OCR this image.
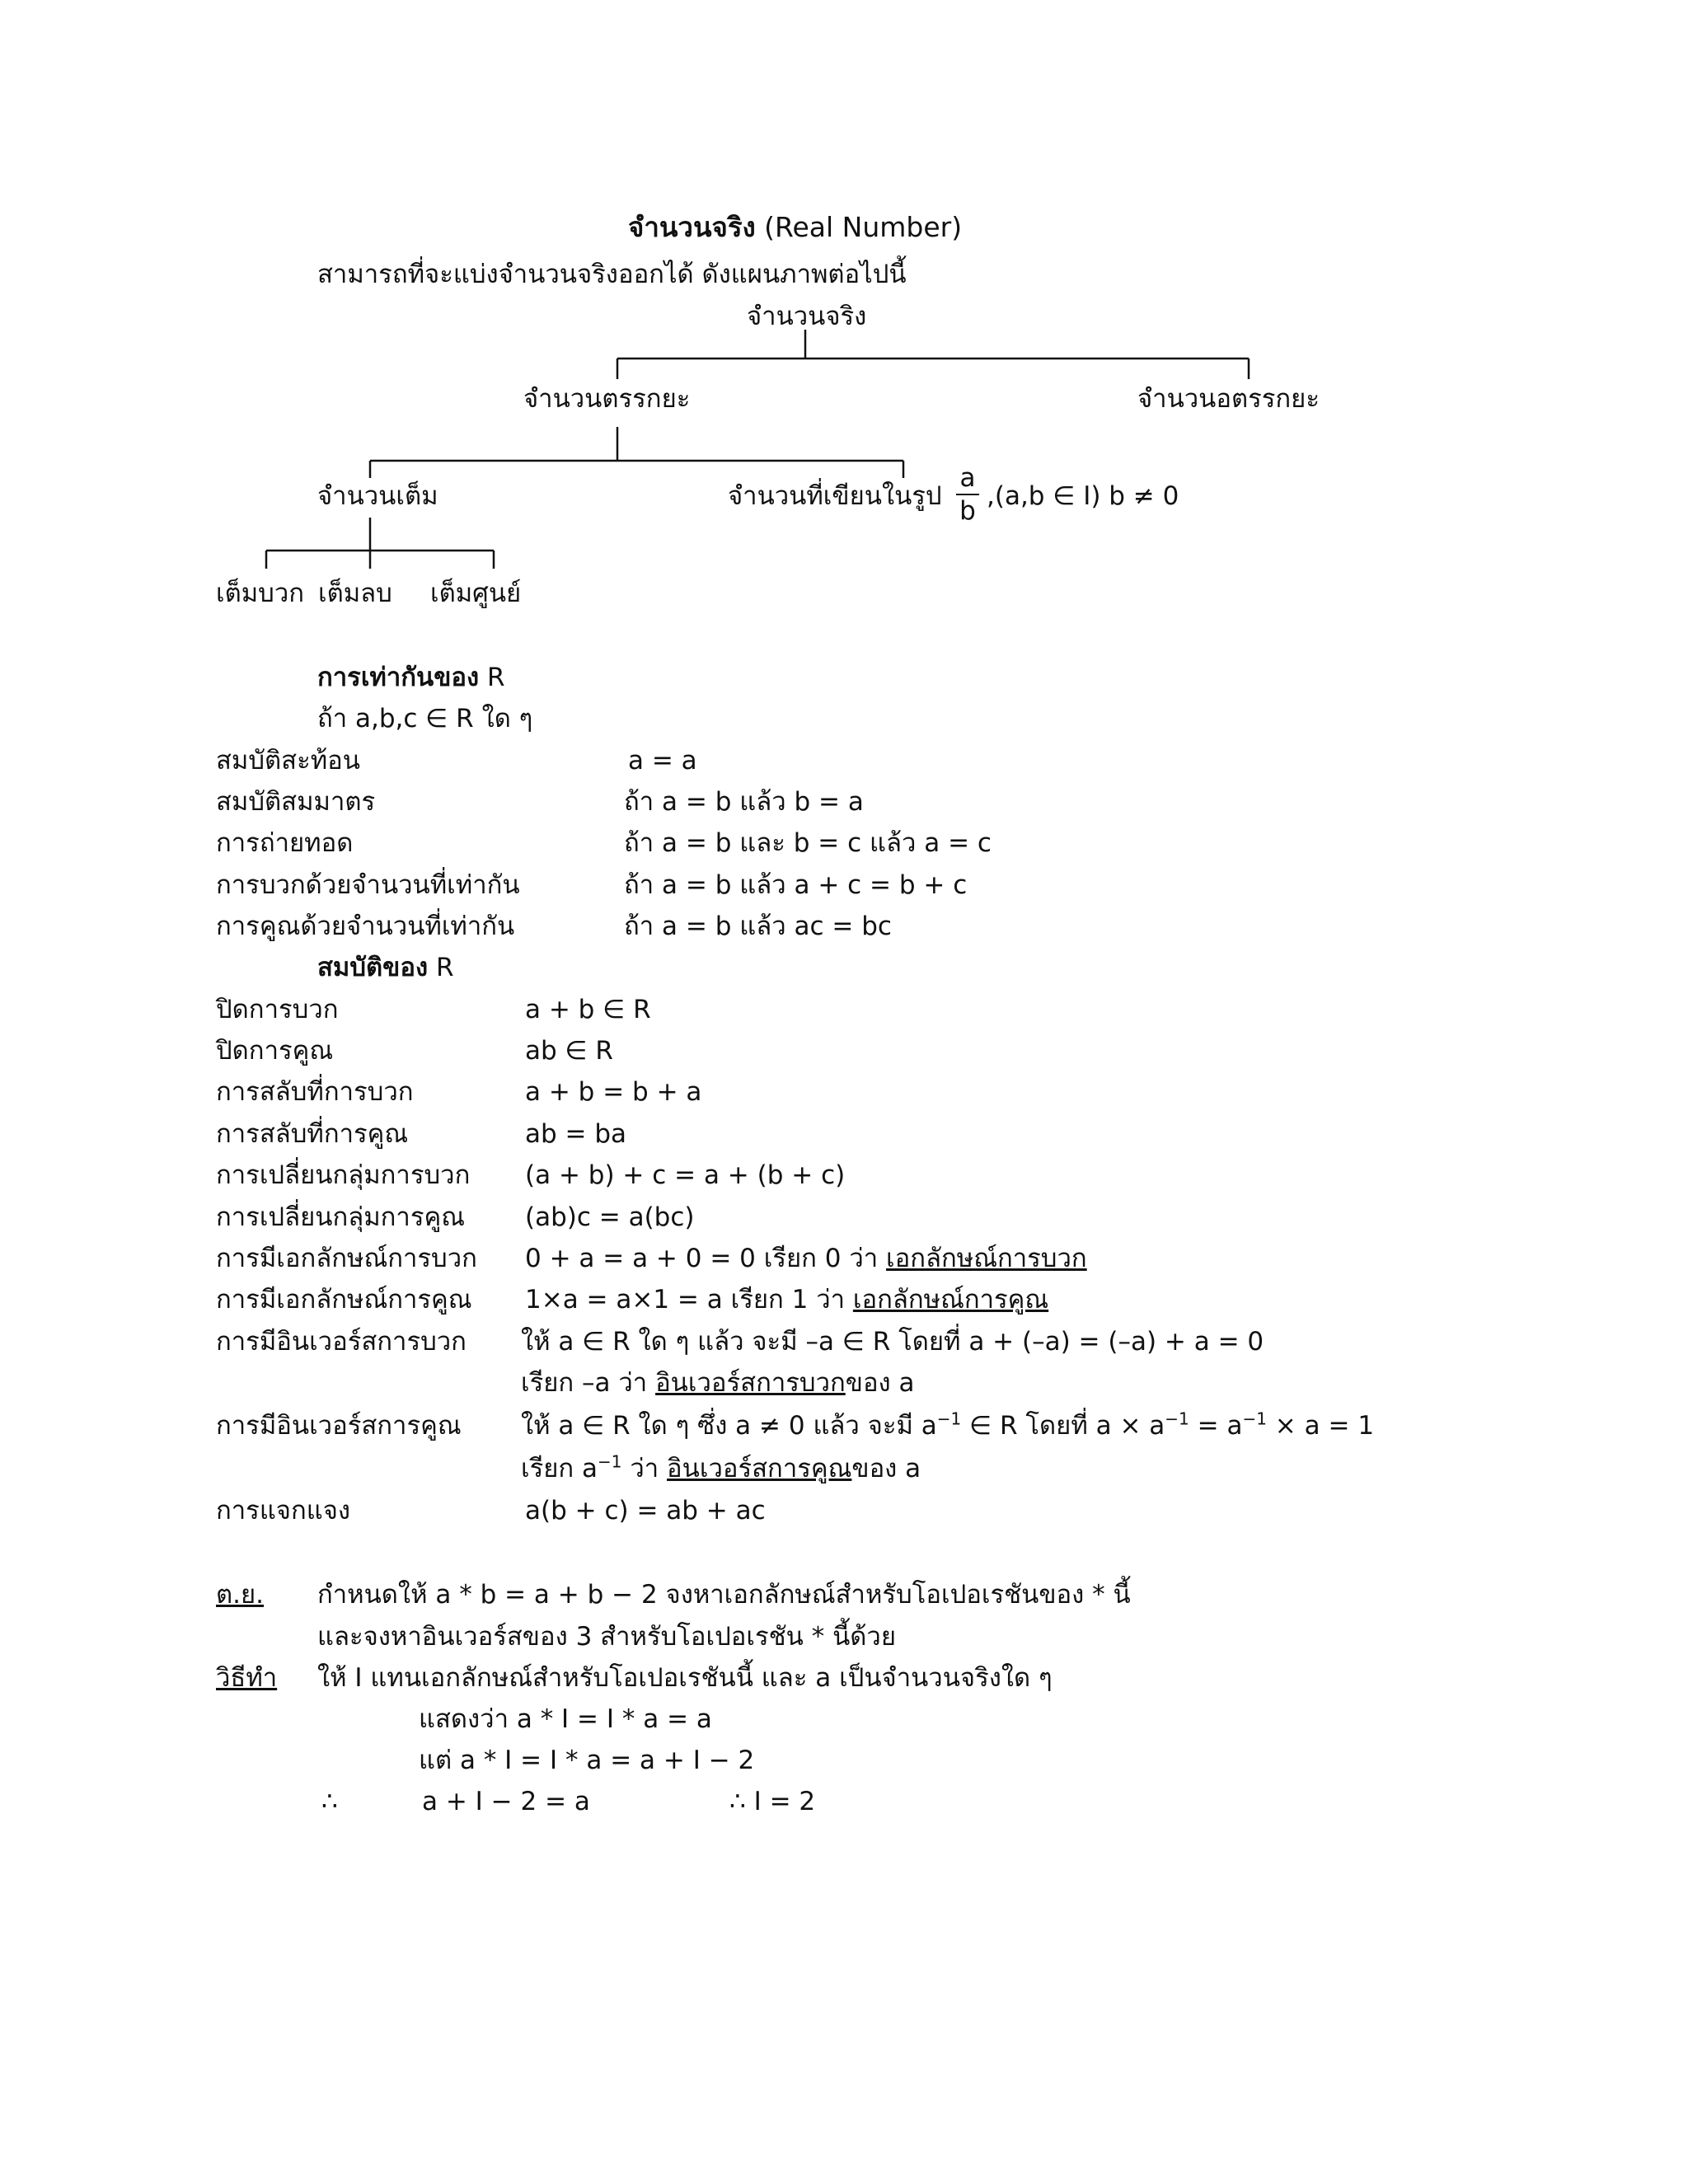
จำนวนจริง (Real Number)
สามารถที่จะแบ่งจำนวนจริงออกได้ ดังแผนภาพต่อไปนี้
จำนวนจริง
จำนวนตรรกยะ	จำนวนอตรรกยะ
จำนวนเต็ม	จำนวนที่เขียนในรูป
a
b ,(a,b ∈ I) b ≠ 0
เต็มบวก เต็มลบ เต็มศูนย์
การเท่ากันของ R
ถ้า a,b,c ∈ R ใด ๆ
สมบัติสะท้อน	a = a
สมบัติสมมาตร	ถ้า a = b แล้ว b = a
การถ่ายทอด	ถ้า a = b และ b = c แล้ว a = c
การบวกด้วยจำนวนที่เท่ากัน	ถ้า a = b แล้ว a + c = b + c
การคูณด้วยจำนวนที่เท่ากัน	ถ้า a = b แล้ว ac = bc
สมบัติของ R
ปิดการบวก	a + b ∈ R
ปิดการคูณ	ab ∈ R
การสลับที่การบวก	a + b = b + a
การสลับที่การคูณ	ab = ba
การเปลี่ยนกลุ่มการบวก (a + b) + c = a + (b + c)
การเปลี่ยนกลุ่มการคูณ (ab)c = a(bc)
การมีเอกลักษณ์การบวก 0 + a = a + 0 = 0 เรียก 0 ว่า เอกลักษณ์การบวก
การมีเอกลักษณ์การคูณ 1×a = a×1 = a เรียก 1 ว่า เอกลักษณ์การคูณ
การมีอินเวอร์สการบวก ให้ a ∈ R ใด ๆ แล้ว จะมี –a ∈ R โดยที่ a + (–a) = (–a) + a = 0
เรียก –a ว่า อินเวอร์สการบวกของ a
การมีอินเวอร์สการคูณ ให้ a ∈ R ใด ๆ ซึ่ง a ≠ 0 แล้ว จะมี $a^{-1}$ ∈ R โดยที่ $a \times a^{-1} = a^{-1} \times a = 1$
เรียก $a^{-1}$ ว่า อินเวอร์สการคูณของ a
การแจกแจง	a(b + c) = ab + ac
ต.ย. กำหนดให้ a * b = a + b − 2 จงหาเอกลักษณ์สำหรับโอเปอเรชันของ * นี้
และจงหาอินเวอร์สของ 3 สำหรับโอเปอเรชัน * นี้ด้วย
วิธีทำ ให้ I แทนเอกลักษณ์สำหรับโอเปอเรชันนี้ และ a เป็นจำนวนจริงใด ๆ
แสดงว่า a * I = I * a = a
แต่ a * I = I * a = a + I − 2
∴	a + I − 2 = a	∴ I = 2
